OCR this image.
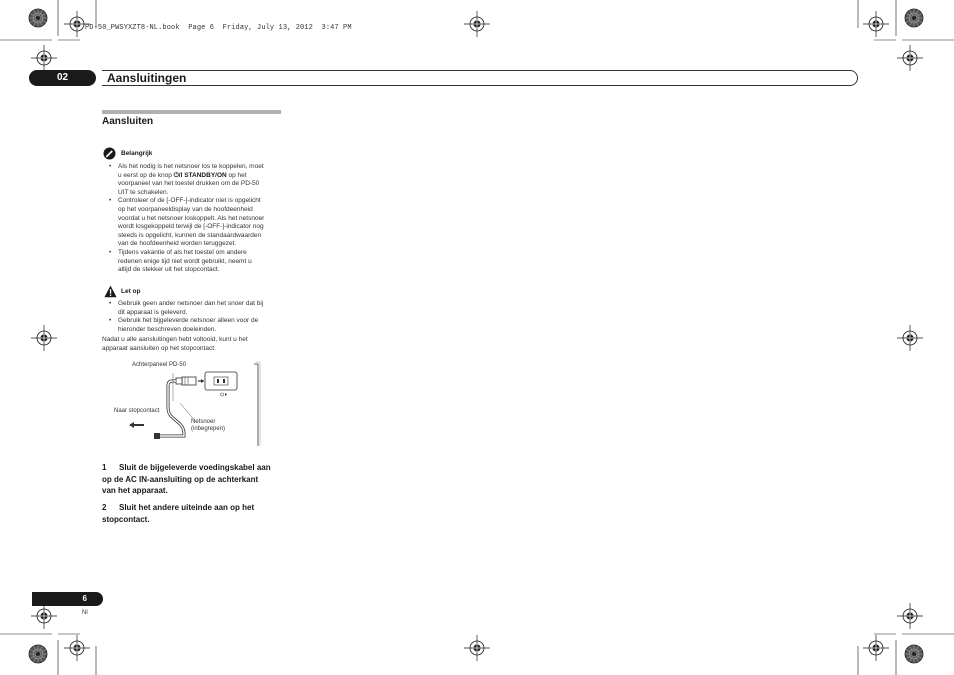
PD-50_PWSYXZT8-NL.book  Page 6  Friday, July 13, 2012  3:47 PM
02	Aansluitingen
Aansluiten
Belangrijk
• Als het nodig is het netsnoer los te koppelen, moet
u eerst op de knop ⏻/I STANDBY/ON op het
voorpaneel van het toestel drukken om de PD-50
UIT te schakelen.
• Controleer of de [-OFF-]-indicator niet is opgelicht
op het voorpaneeldisplay van de hoofdeenheid
voordat u het netsnoer loskoppelt. Als het netsnoer
wordt losgekoppeld terwijl de [-OFF-]-indicator nog
steeds is opgelicht, kunnen de standaardwaarden
van de hoofdeenheid worden teruggezet.
• Tijdens vakantie of als het toestel om andere
redenen enige tijd niet wordt gebruikt, neemt u
altijd de stekker uit het stopcontact.
Let op
• Gebruik geen ander netsnoer dan het snoer dat bij
dit apparaat is geleverd.
• Gebruik het bijgeleverde netsnoer alleen voor de
hieronder beschreven doeleinden.
Nadat u alle aansluitingen hebt voltooid, kunt u het
apparaat aansluiten op het stopcontact.
Achterpaneel PD-50
Naar stopcontact
Netsnoer
(inbegrepen)
1 Sluit de bijgeleverde voedingskabel aan
op de AC IN-aansluiting op de achterkant
van het apparaat.
2 Sluit het andere uiteinde aan op het
stopcontact.
6
Nl
